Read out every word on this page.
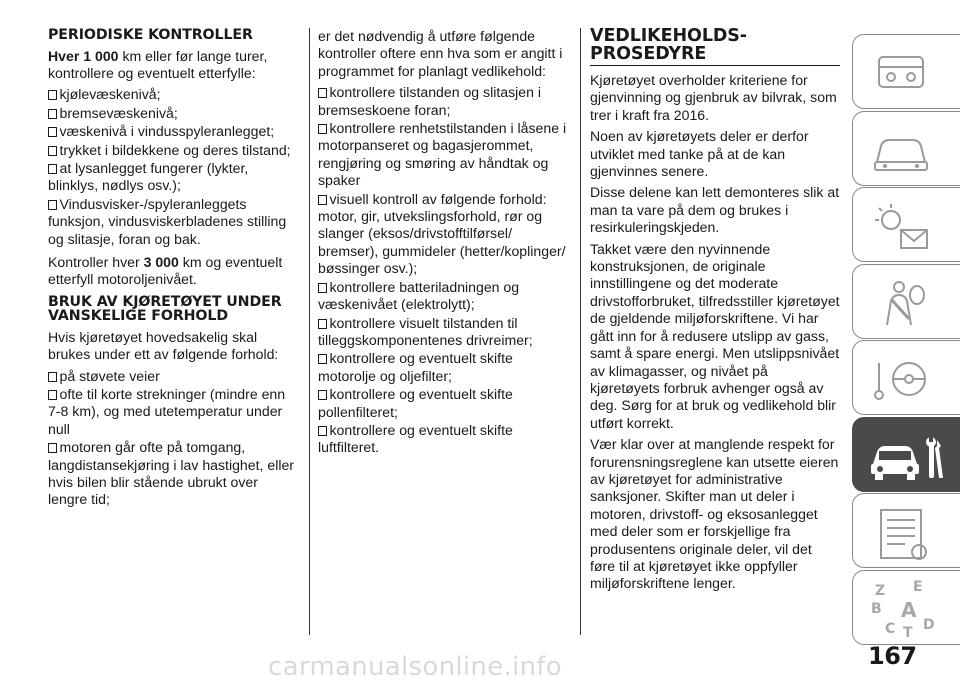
PERIODISKE KONTROLLER

Hver 1 000 km eller før lange turer, kontrollere og eventuelt etterfylle:

kjølevæskenivå;
bremsevæskenivå;
væskenivå i vindusspyleranlegget;
trykket i bildekkene og deres tilstand;
at lysanlegget fungerer (lykter, blinklys, nødlys osv.);
Vindusvisker-/spyleranleggets funksjon, vindusviskerbladenes stilling og slitasje, foran og bak.

Kontroller hver 3 000 km og eventuelt etterfyll motoroljenivået.

BRUK AV KJØRETØYET UNDER VANSKELIGE FORHOLD

Hvis kjøretøyet hovedsakelig skal brukes under ett av følgende forhold:

på støvete veier
ofte til korte strekninger (mindre enn 7-8 km), og med utetemperatur under null
motoren går ofte på tomgang, langdistansekjøring i lav hastighet, eller hvis bilen blir stående ubrukt over lengre tid;

er det nødvendig å utføre følgende kontroller oftere enn hva som er angitt i programmet for planlagt vedlikehold:

kontrollere tilstanden og slitasjen i bremseskoene foran;
kontrollere renhetstilstanden i låsene i motorpanseret og bagasjerommet, rengjøring og smøring av håndtak og spaker
visuell kontroll av følgende forhold: motor, gir, utvekslingsforhold, rør og slanger (eksos/drivstofftilførsel/ bremser), gummideler (hetter/koplinger/ bøssinger osv.);
kontrollere batteriladningen og væskenivået (elektrolytt);
kontrollere visuelt tilstanden til tilleggskomponentenes drivreimer;
kontrollere og eventuelt skifte motorolje og oljefilter;
kontrollere og eventuelt skifte pollenfilteret;
kontrollere og eventuelt skifte luftfilteret.
VEDLIKEHOLDS- PROSEDYRE

Kjøretøyet overholder kriteriene for gjenvinning og gjenbruk av bilvrak, som trer i kraft fra 2016.

Noen av kjøretøyets deler er derfor utviklet med tanke på at de kan gjenvinnes senere.

Disse delene kan lett demonteres slik at man ta vare på dem og brukes i resirkuleringskjeden.

Takket være den nyvinnende konstruksjonen, de originale innstillingene og det moderate drivstofforbruket, tilfredsstiller kjøretøyet de gjeldende miljøforskriftene. Vi har gått inn for å redusere utslipp av gass, samt å spare energi. Men utslippsnivået av klimagasser, og nivået på kjøretøyets forbruk avhenger også av deg. Sørg for at bruk og vedlikehold blir utført korrekt.

Vær klar over at manglende respekt for forurensningsreglene kan utsette eieren av kjøretøyet for administrative sanksjoner. Skifter man ut deler i motoren, drivstoff- og eksosanlegget med deler som er forskjellige fra produsentens originale deler, vil det føre til at kjøretøyet ikke oppfyller miljøforskriftene lenger.	Z E
B A
C T D
167
carmanualsonline.info
